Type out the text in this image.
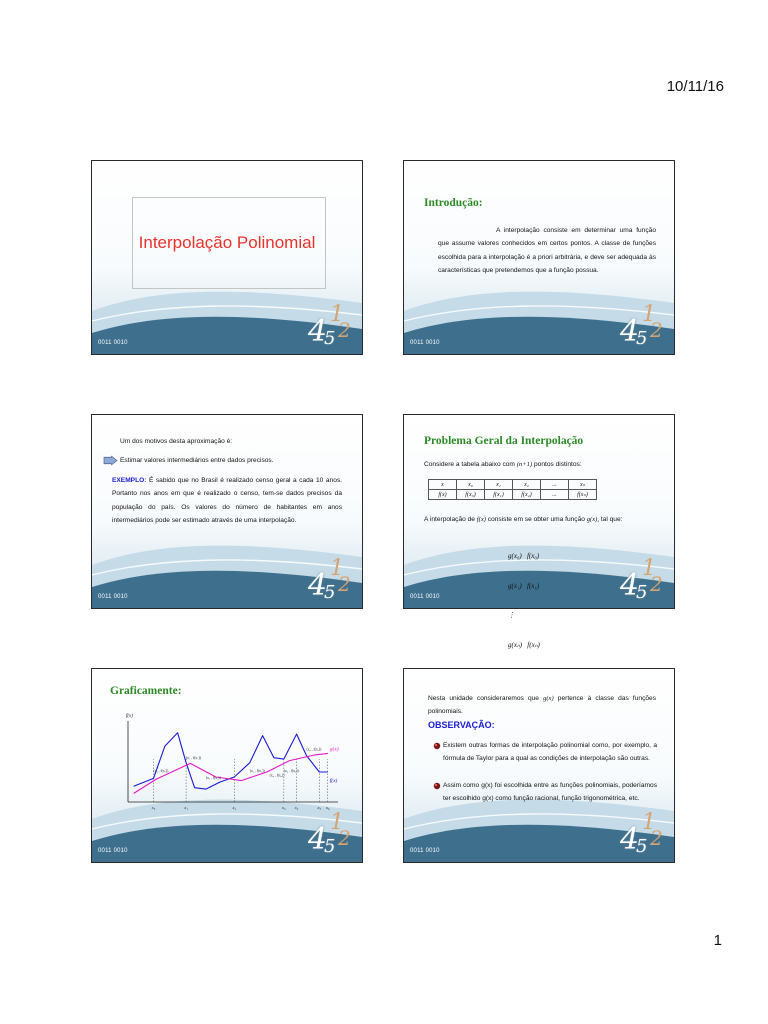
10/11/16
Interpolação Polinomial
0011 0010
1
4 2
5
Introdução:
A interpolação consiste em determinar uma função que assume valores conhecidos em certos pontos. A classe de funções escolhida para a interpolação é a priori arbitrária, e deve ser adequada às características que pretendemos que a função possua.
0011 0010
1
4 2
5
Um dos motivos desta aproximação é:
Estimar valores intermediários entre dados precisos.
EXEMPLO: É sabido que no Brasil é realizado censo geral a cada 10 anos. Portanto nos anos em que é realizado o censo, tem-se dados precisos da população do país. Os valores do número de habitantes em anos intermediários pode ser estimado através de uma interpolação.
0011 0010
1
4 2
5
Problema Geral da Interpolação
Considere a tabela abaixo com (n+1) pontos distintos:
x	x₀	x₁	x₂	...	xₙ
f(x)	f(x₀)	f(x₁)	f(x₂)	...	f(xₙ)
A interpolação de f(x) consiste em se obter uma função g(x), tal que:

g(x₀)   f(x₀)

g(x₁)   f(x₁)

⋮

g(xₙ)   f(xₙ)

0011 0010
1
4 2
5
Graficamente:
f(x)
x₀	x₁	x₂	x₃ x₄	x₅ x₆
f(x)
g(x)
(x₀ , f(x₀))
(x₁ , f(x₁))
(x₂ , f(x₂))
(x₃ , f(x₃))
(x₄ , f(x₄))
(x₅ , f(x₅))
(x₆ , f(x₆))
0011 0010
1
4 2
5
Nesta unidade consideraremos que g(x) pertence à classe das funções polinomiais.
OBSERVAÇÃO:
Existem outras formas de interpolação polinomial como, por exemplo, a fórmula de Taylor para a qual as condições de interpolação são outras.
Assim como g(x) foi escolhida entre as funções polinomiais, poderíamos ter escolhido g(x) como função racional, função trigonométrica, etc.
0011 0010
1
4 2
5
1
